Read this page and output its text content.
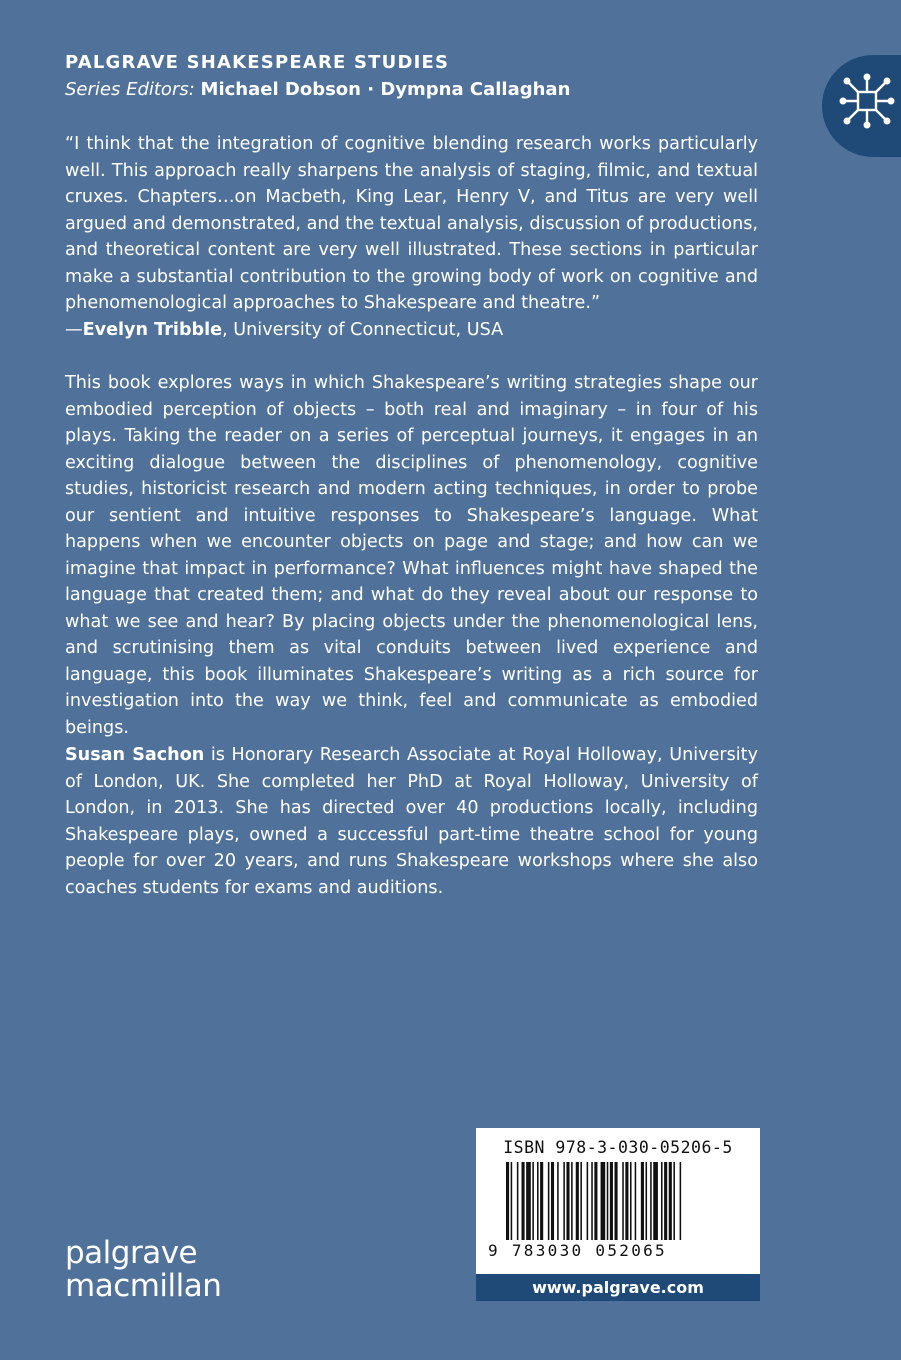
PALGRAVE SHAKESPEARE STUDIES
Series Editors: Michael Dobson · Dympna Callaghan
“I think that the integration of cognitive blending research works particularly well. This approach really sharpens the analysis of staging, filmic, and textual cruxes. Chapters…on Macbeth, King Lear, Henry V, and Titus are very well argued and demonstrated, and the textual analysis, discussion of productions, and theoretical content are very well illustrated. These sections in particular make a substantial contribution to the growing body of work on cognitive and phenomenological approaches to Shakespeare and theatre.”
—Evelyn Tribble, University of Connecticut, USA
This book explores ways in which Shakespeare’s writing strategies shape our embodied perception of objects – both real and imaginary – in four of his plays. Taking the reader on a series of perceptual journeys, it engages in an exciting dialogue between the disciplines of phenomenology, cognitive studies, historicist research and modern acting techniques, in order to probe our sentient and intuitive responses to Shakespeare’s language. What happens when we encounter objects on page and stage; and how can we imagine that impact in performance? What influences might have shaped the language that created them; and what do they reveal about our response to what we see and hear? By placing objects under the phenomenological lens, and scrutinising them as vital conduits between lived experience and language, this book illuminates Shakespeare’s writing as a rich source for investigation into the way we think, feel and communicate as embodied beings.
Susan Sachon is Honorary Research Associate at Royal Holloway, University of London, UK. She completed her PhD at Royal Holloway, University of London, in 2013. She has directed over 40 productions locally, including Shakespeare plays, owned a successful part-time theatre school for young people for over 20 years, and runs Shakespeare workshops where she also coaches students for exams and auditions.
ISBN 978-3-030-05206-5
9 783030 052065
www.palgrave.com
palgrave
macmillan
